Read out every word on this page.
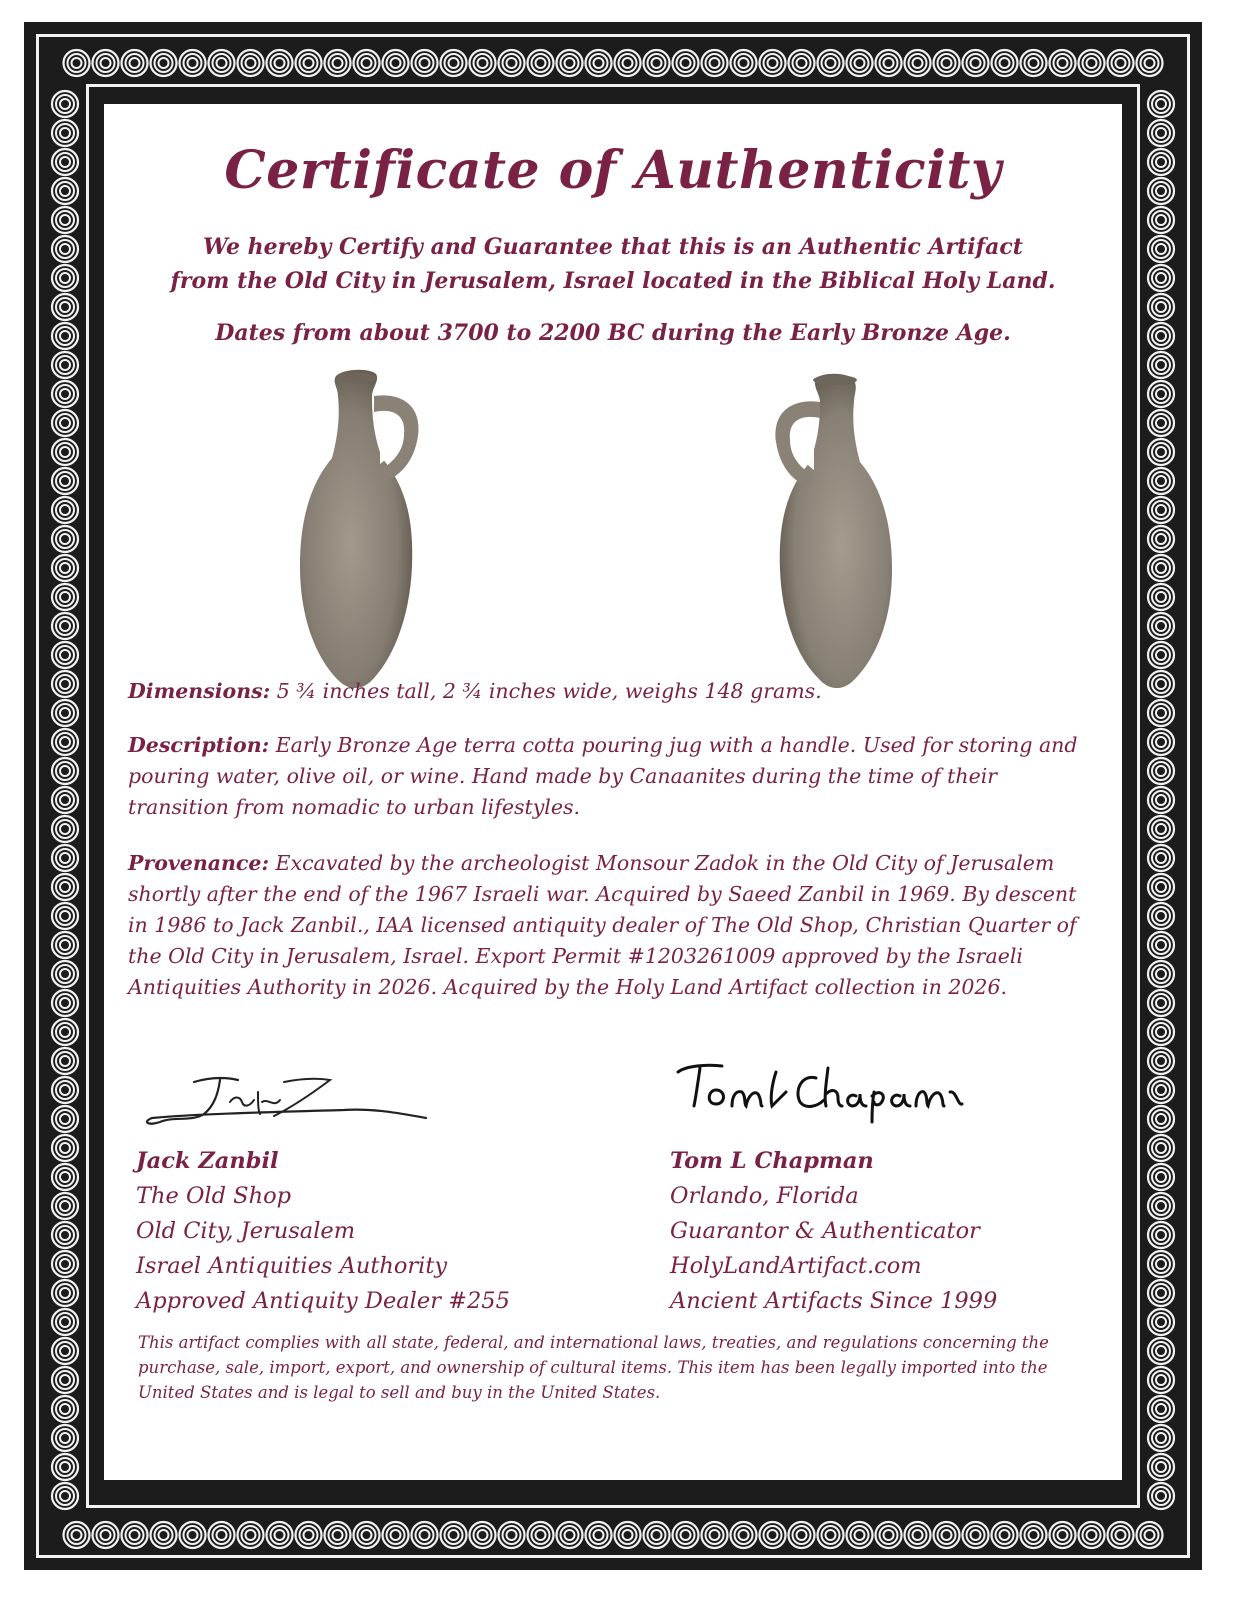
Certificate of Authenticity
We hereby Certify and Guarantee that this is an Authentic Artifact
from the Old City in Jerusalem, Israel located in the Biblical Holy Land.
Dates from about 3700 to 2200 BC during the Early Bronze Age.
Dimensions: 5 ¾ inches tall, 2 ¾ inches wide, weighs 148 grams.
Description: Early Bronze Age terra cotta pouring jug with a handle. Used for storing and pouring water, olive oil, or wine. Hand made by Canaanites during the time of their transition from nomadic to urban lifestyles.
Provenance: Excavated by the archeologist Monsour Zadok in the Old City of Jerusalem shortly after the end of the 1967 Israeli war. Acquired by Saeed Zanbil in 1969. By descent in 1986 to Jack Zanbil., IAA licensed antiquity dealer of The Old Shop, Christian Quarter of the Old City in Jerusalem, Israel. Export Permit #1203261009 approved by the Israeli Antiquities Authority in 2026. Acquired by the Holy Land Artifact collection in 2026.
Jack Zanbil
The Old Shop
Old City, Jerusalem
Israel Antiquities Authority
Approved Antiquity Dealer #255
Tom L Chapman
Orlando, Florida
Guarantor & Authenticator
HolyLandArtifact.com
Ancient Artifacts Since 1999
This artifact complies with all state, federal, and international laws, treaties, and regulations concerning the purchase, sale, import, export, and ownership of cultural items. This item has been legally imported into the United States and is legal to sell and buy in the United States.
